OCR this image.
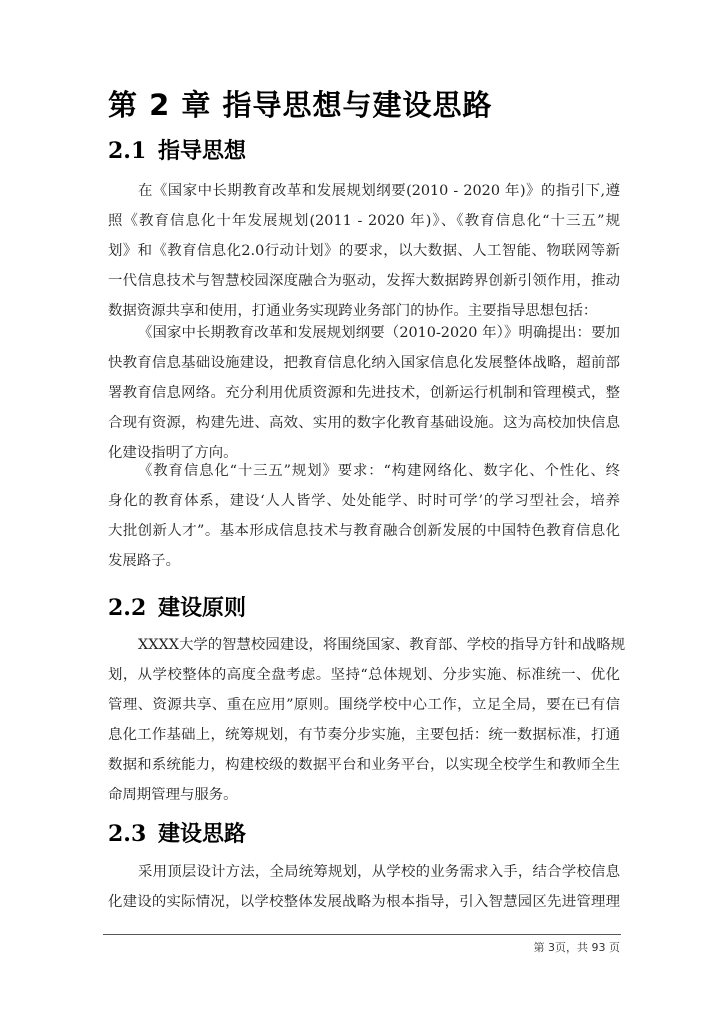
第 2 章 指导思想与建设思路
2.1 指导思想
在《国家中长期教育改革和发展规划纲要(2010 - 2020 年)》的指引下,遵
照《教育信息化十年发展规划(2011 - 2020 年)》、《教育信息化“十三五”规
划》和《教育信息化2.0行动计划》的要求，以大数据、人工智能、物联网等新
一代信息技术与智慧校园深度融合为驱动，发挥大数据跨界创新引领作用，推动
数据资源共享和使用，打通业务实现跨业务部门的协作。主要指导思想包括：
《国家中长期教育改革和发展规划纲要（2010-2020 年）》明确提出：要加
快教育信息基础设施建设，把教育信息化纳入国家信息化发展整体战略，超前部
署教育信息网络。充分利用优质资源和先进技术，创新运行机制和管理模式，整
合现有资源，构建先进、高效、实用的数字化教育基础设施。这为高校加快信息
化建设指明了方向。
《教育信息化“十三五”规划》要求：“构建网络化、数字化、个性化、终
身化的教育体系，建设‘人人皆学、处处能学、时时可学’的学习型社会，培养
大批创新人才”。基本形成信息技术与教育融合创新发展的中国特色教育信息化
发展路子。
2.2 建设原则
XXXX大学的智慧校园建设，将围绕国家、教育部、学校的指导方针和战略规
划，从学校整体的高度全盘考虑。坚持“总体规划、分步实施、标准统一、优化
管理、资源共享、重在应用”原则。围绕学校中心工作，立足全局，要在已有信
息化工作基础上，统筹规划，有节奏分步实施，主要包括：统一数据标准，打通
数据和系统能力，构建校级的数据平台和业务平台，以实现全校学生和教师全生
命周期管理与服务。
2.3 建设思路
采用顶层设计方法，全局统筹规划，从学校的业务需求入手，结合学校信息
化建设的实际情况，以学校整体发展战略为根本指导，引入智慧园区先进管理理
第 3页，共 93 页
